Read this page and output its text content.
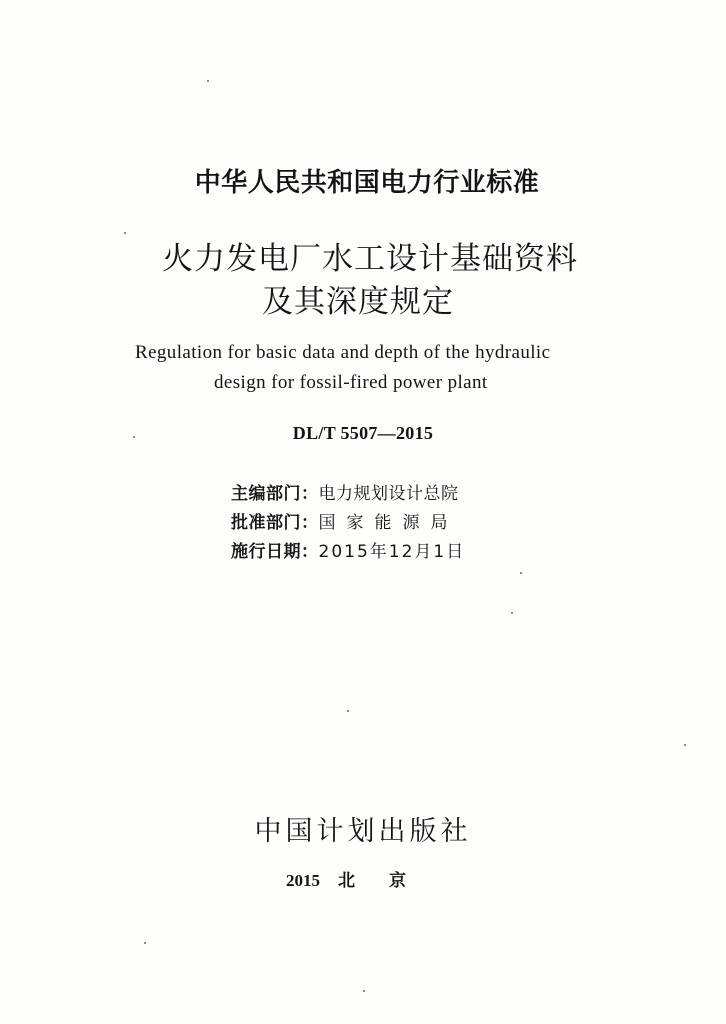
中华人民共和国电力行业标准
火力发电厂水工设计基础资料
及其深度规定
Regulation for basic data and depth of the hydraulic
design for fossil-fired power plant
DL/T 5507—2015
主编部门：电力规划设计总院
批准部门：国家能源局
施行日期：2015年12月1日
中国计划出版社
2015 北京
